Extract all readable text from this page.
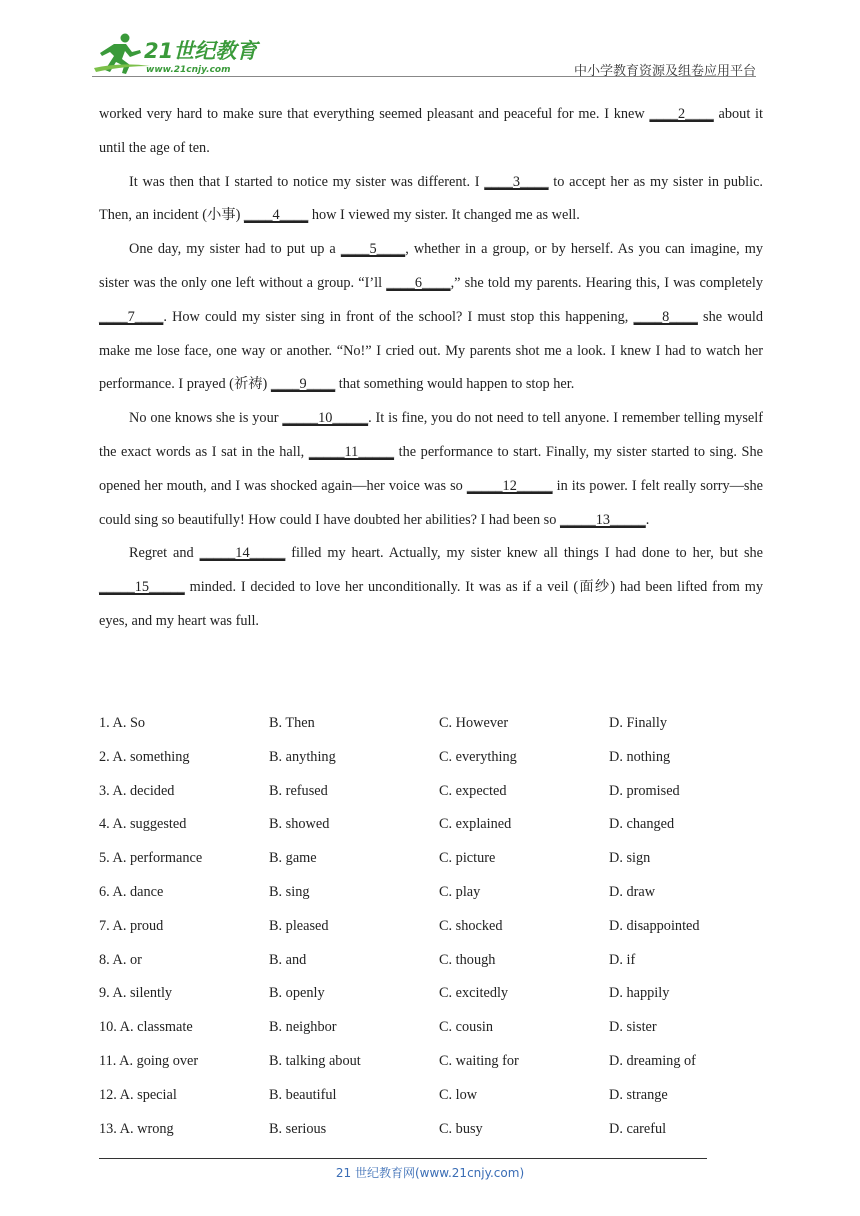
21世纪教育
www.21cnjy.com	中小学教育资源及组卷应用平台

worked very hard to make sure that everything seemed pleasant and peaceful for me. I knew ____2____ about it until the age of ten.

It was then that I started to notice my sister was different. I ____3____ to accept her as my sister in public. Then, an incident (小事) ____4____ how I viewed my sister. It changed me as well.

One day, my sister had to put up a ____5____, whether in a group, or by herself. As you can imagine, my sister was the only one left without a group. “I’ll ____6____,” she told my parents. Hearing this, I was completely ____7____. How could my sister sing in front of the school? I must stop this happening, ____8____ she would make me lose face, one way or another. “No!” I cried out. My parents shot me a look. I knew I had to watch her performance. I prayed (祈祷) ____9____ that something would happen to stop her.

No one knows she is your _____10_____. It is fine, you do not need to tell anyone. I remember telling myself the exact words as I sat in the hall, _____11_____ the performance to start. Finally, my sister started to sing. She opened her mouth, and I was shocked again—her voice was so _____12_____ in its power. I felt really sorry—she could sing so beautifully! How could I have doubted her abilities? I had been so _____13_____.

Regret and _____14_____ filled my heart. Actually, my sister knew all things I had done to her, but she _____15_____ minded. I decided to love her unconditionally. It was as if a veil (面纱) had been lifted from my eyes, and my heart was full.

1. A. So	B. Then	C. However	D. Finally
2. A. something	B. anything	C. everything	D. nothing
3. A. decided	B. refused	C. expected	D. promised
4. A. suggested	B. showed	C. explained	D. changed
5. A. performance	B. game	C. picture	D. sign
6. A. dance	B. sing	C. play	D. draw
7. A. proud	B. pleased	C. shocked	D. disappointed
8. A. or	B. and	C. though	D. if
9. A. silently	B. openly	C. excitedly	D. happily
10. A. classmate	B. neighbor	C. cousin	D. sister
11. A. going over	B. talking about	C. waiting for	D. dreaming of
12. A. special	B. beautiful	C. low	D. strange
13. A. wrong	B. serious	C. busy	D. careful
21 世纪教育网(www.21cnjy.com)
